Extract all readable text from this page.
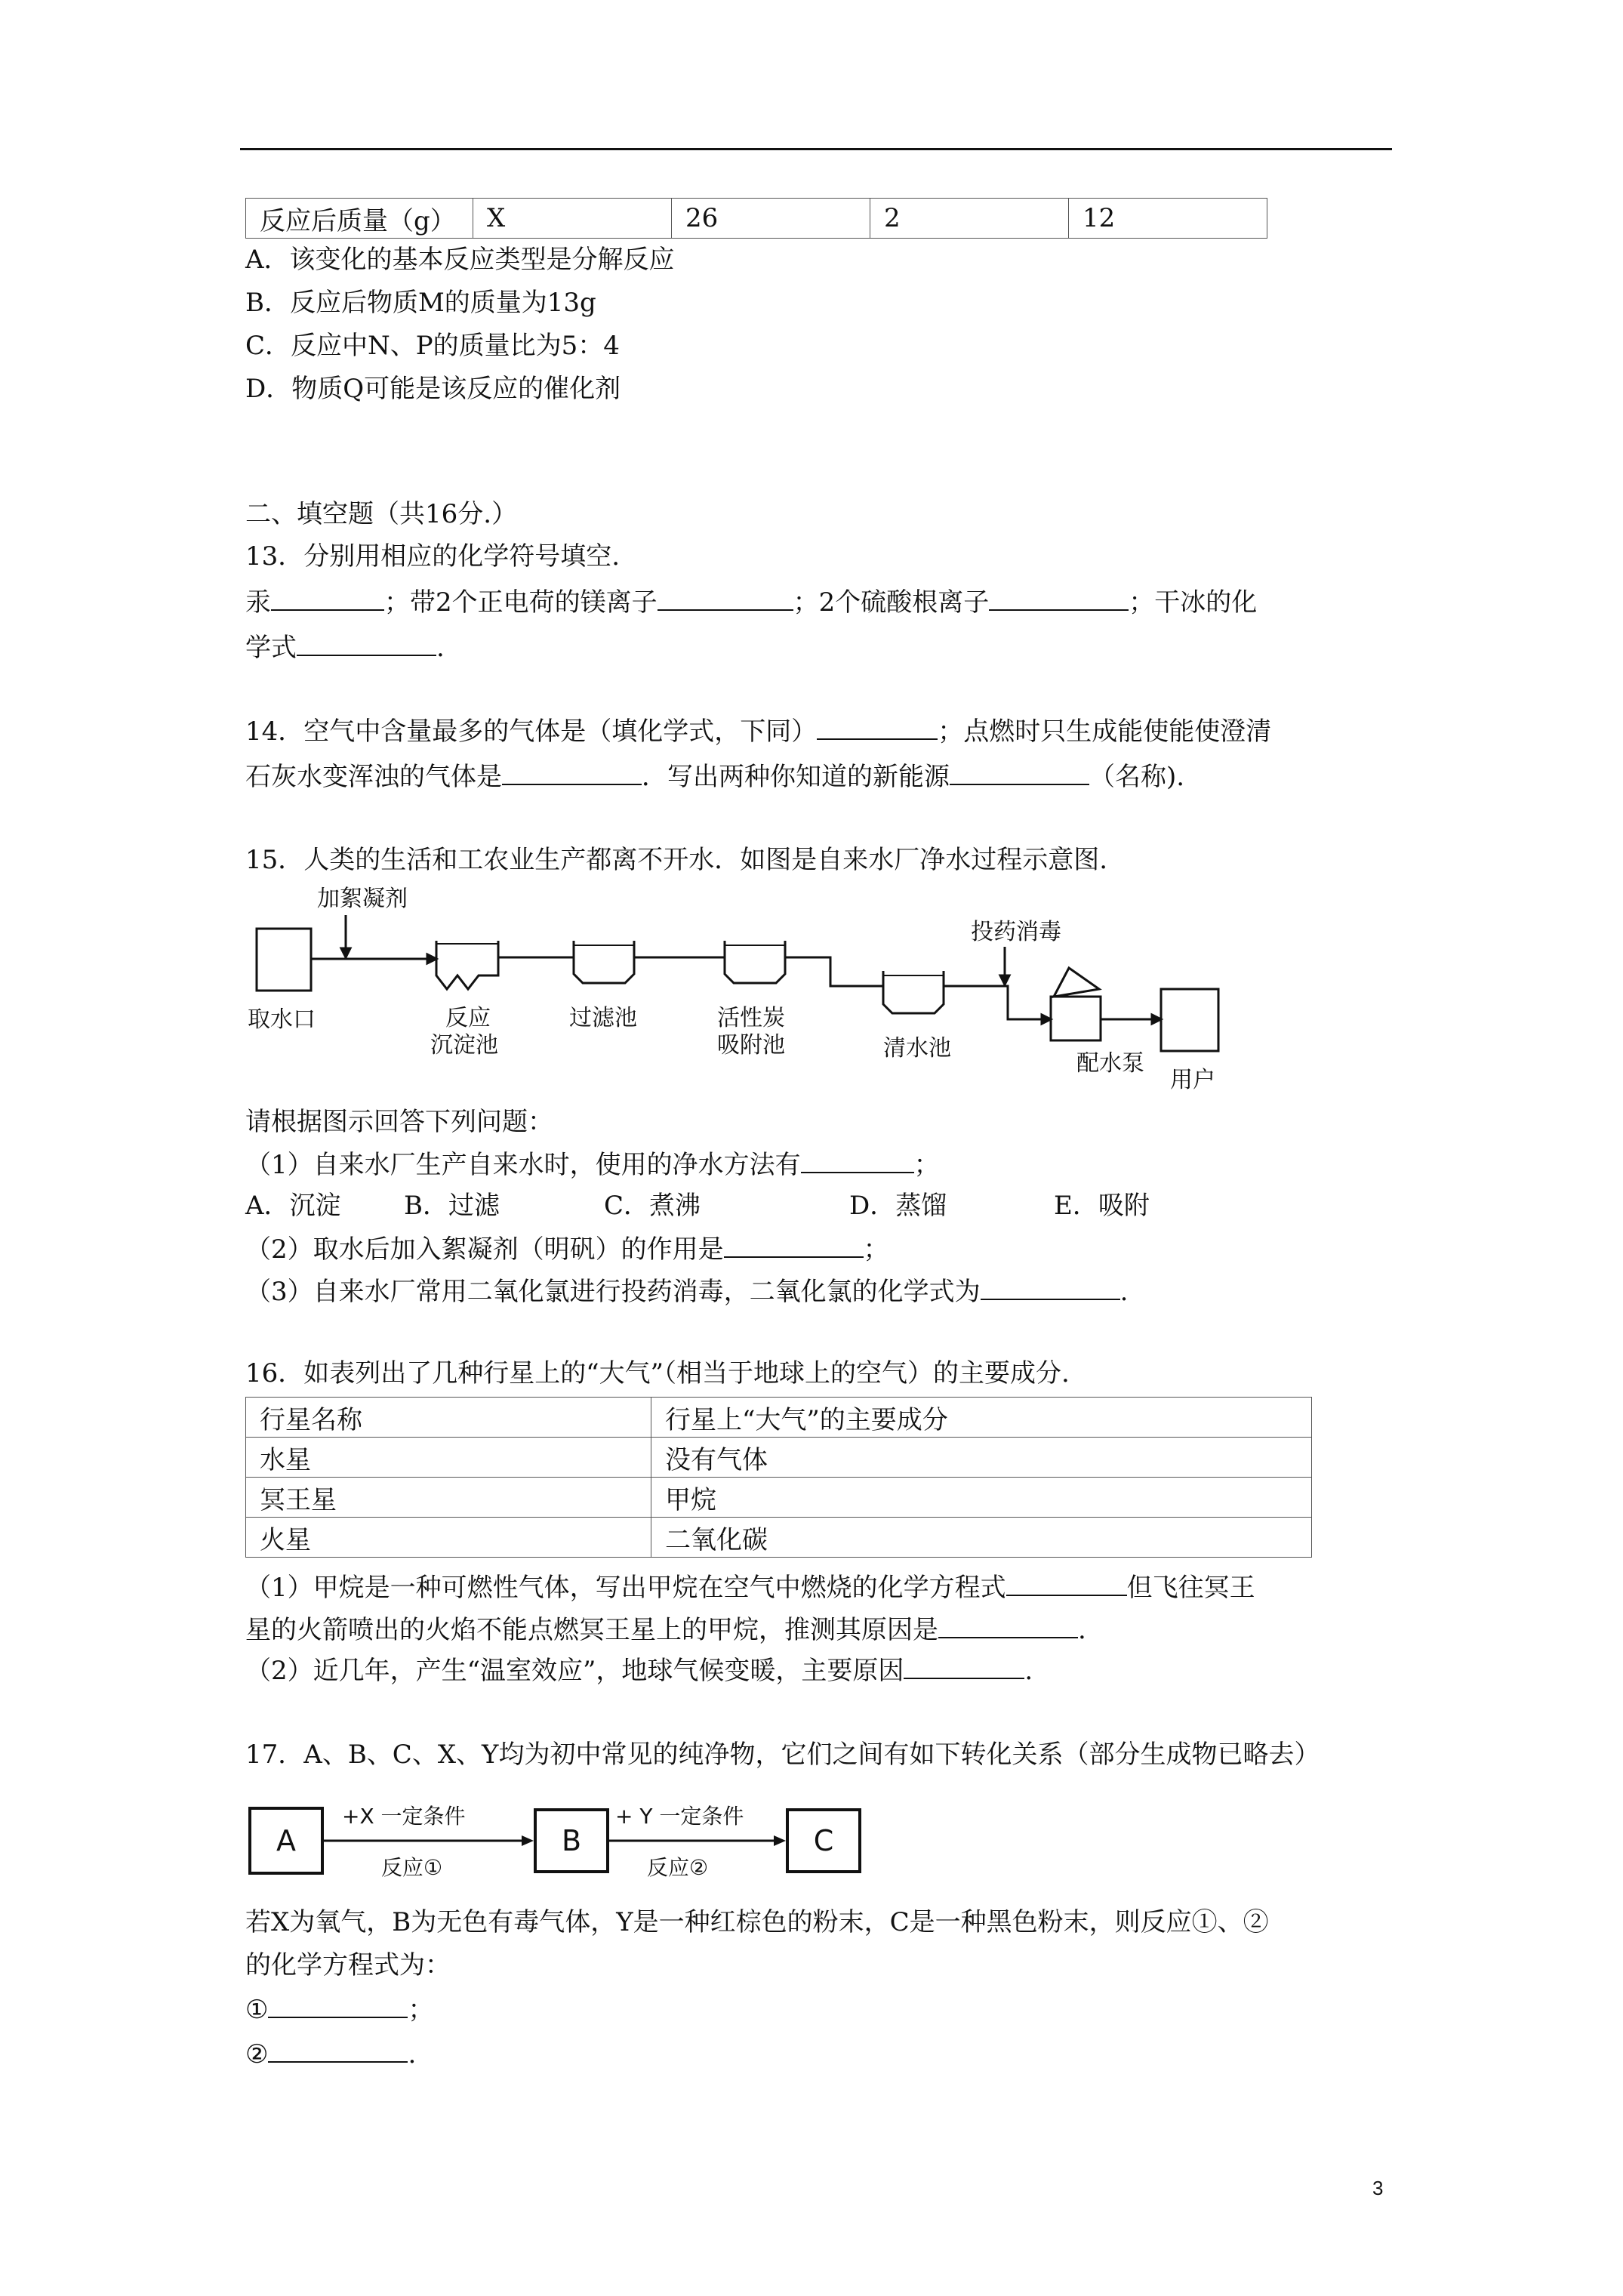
反应后质量（g）	X	26	2	12
A．该变化的基本反应类型是分解反应
B．反应后物质M的质量为13g
C．反应中N、P的质量比为5：4
D．物质Q可能是该反应的催化剂
二、填空题（共16分.）
13．分别用相应的化学符号填空.
汞	；带2个正电荷的镁离子	；2个硫酸根离子	；干冰的化
学式	.
14．空气中含量最多的气体是（填化学式，下同）	；点燃时只生成能使能使澄清
石灰水变浑浊的气体是	．写出两种你知道的新能源	（名称).
15．人类的生活和工农业生产都离不开水．如图是自来水厂净水过程示意图.
加絮凝剂
投药消毒
取水口	反应
沉淀池
过滤池	活性炭
吸附池	清水池
配水泵
用户
请根据图示回答下列问题：
（1）自来水厂生产自来水时，使用的净水方法有	；
A．沉淀 B．过滤	C．煮沸	D．蒸馏	E．吸附
（2）取水后加入絮凝剂（明矾）的作用是	；
（3）自来水厂常用二氧化氯进行投药消毒，二氧化氯的化学式为	.
16．如表列出了几种行星上的“大气”（相当于地球上的空气）的主要成分.
行星名称	行星上“大气”的主要成分
水星	没有气体
冥王星	甲烷
火星	二氧化碳
（1）甲烷是一种可燃性气体，写出甲烷在空气中燃烧的化学方程式	但飞往冥王
星的火箭喷出的火焰不能点燃冥王星上的甲烷，推测其原因是	.
（2）近几年，产生“温室效应”，地球气候变暖，主要原因	.
17．A、B、C、X、Y均为初中常见的纯净物，它们之间有如下转化关系（部分生成物已略去）
A	B	C
+X 一定条件
反应①
+ Y 一定条件
反应②
若X为氧气，B为无色有毒气体，Y是一种红棕色的粉末，C是一种黑色粉末，则反应①、②
的化学方程式为：
①	；
②	.
3
